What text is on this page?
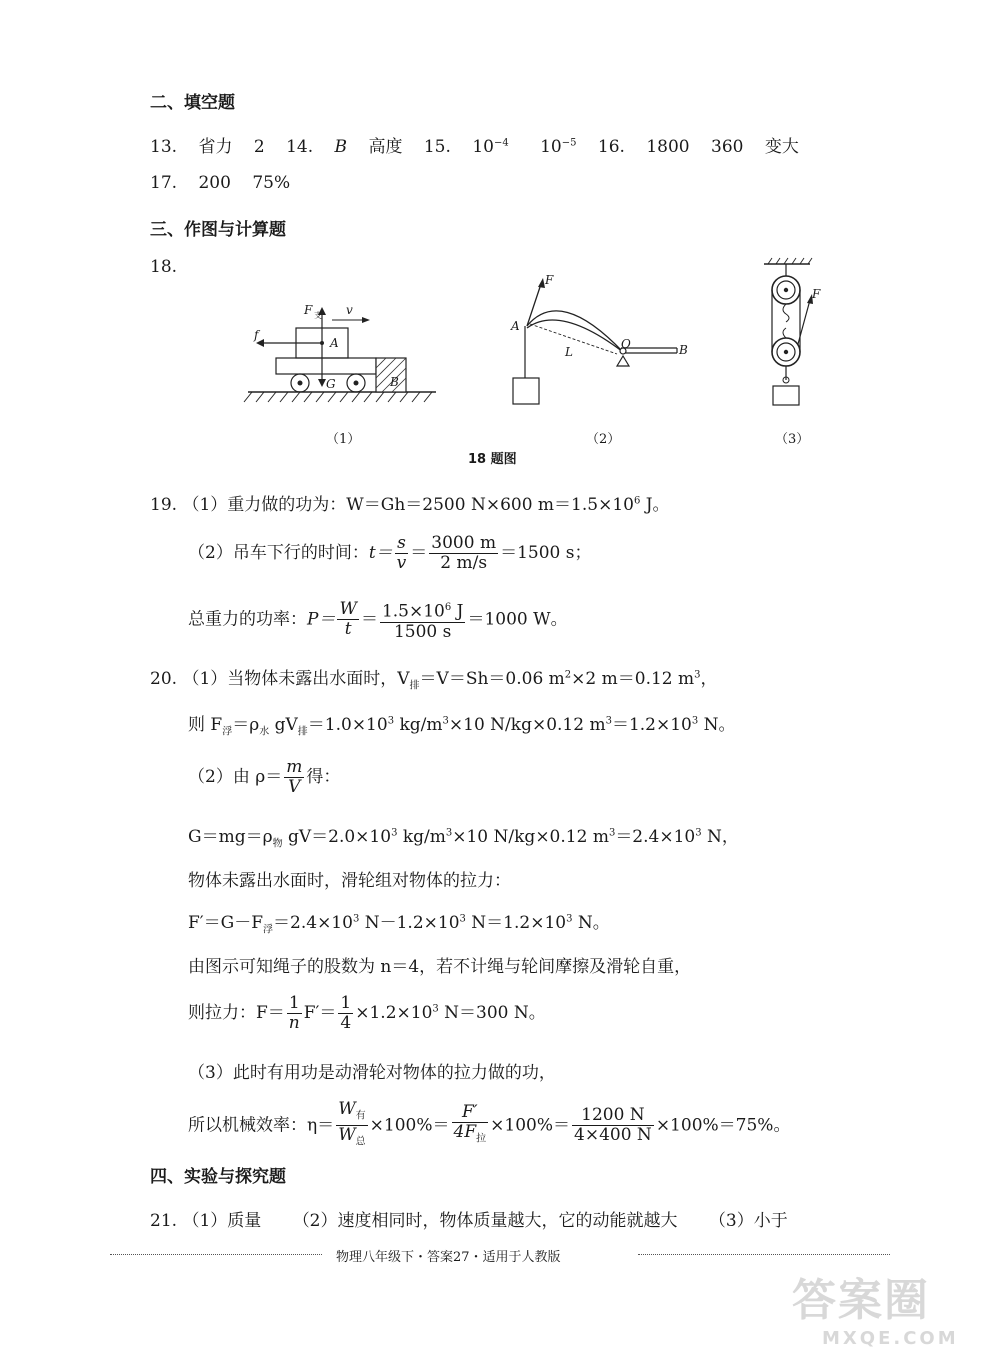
二、填空题
13. 省力 2 14. B 高度 15. $10^{-4}$ $10^{-5}$ 16. 1800 360 变大
17. 200 75%
三、作图与计算题
18.
F 支 v
f
A
G	B
F
A
L
O	B
F
（1）	（2）	（3）
18 题图
19. （1）重力做的功为：W＝Gh＝2500 N×600 $m=1.5\times 10^6$ J。
（2）吊车下行的时间：$t= \frac{s}{v} = \frac{3000 m}{2 m/s} =1500$ s；
总重力的功率：$P= \frac{W}{t} = \frac{1.5\times 10^6 J}{1500 s} =1000$ W。
20. （1）当物体未露出水面时，$V_排=V=Sh=0.06$ $m^2\times 2$ m＝0.12 $m^3$，
则 $F_浮=\rho_水$ $gV_排=1.0\times 10^3$ $kg/m^3\times 10$ N/kg×0.12 $m^3=1.2\times 10^3$ N。
（2）由 $\rho= \frac{m}{V}$ 得：
$G=mg=\rho_物$ $gV=2.0\times 10^3$ $kg/m^3\times 10$ N/kg×0.12 $m^3=2.4\times 10^3$ N，
物体未露出水面时，滑轮组对物体的拉力：
$F'=G-F_浮=2.4\times 10^3$ $N-1.2\times 10^3$ $N=1.2\times 10^3$ N。
由图示可知绳子的股数为 n＝4，若不计绳与轮间摩擦及滑轮自重，
则拉力：$F= \frac{1}{n} F'= \frac{1}{4} \times 1.2\times 10^3$ N＝300 N。
（3）此时有用功是动滑轮对物体的拉力做的功，
所以机械效率：$\eta= \frac{W_有}{W_总} \times 100\%= \frac{F'}{4F_拉} \times 100\%= \frac{1200 N}{4\times 400 N} \times 100\%=75\%$。
四、实验与探究题
21. （1）质量 （2）速度相同时，物体质量越大，它的动能就越大 （3）小于
物理八年级下・答案27・适用于人教版
答案圈
MXQE.COM
